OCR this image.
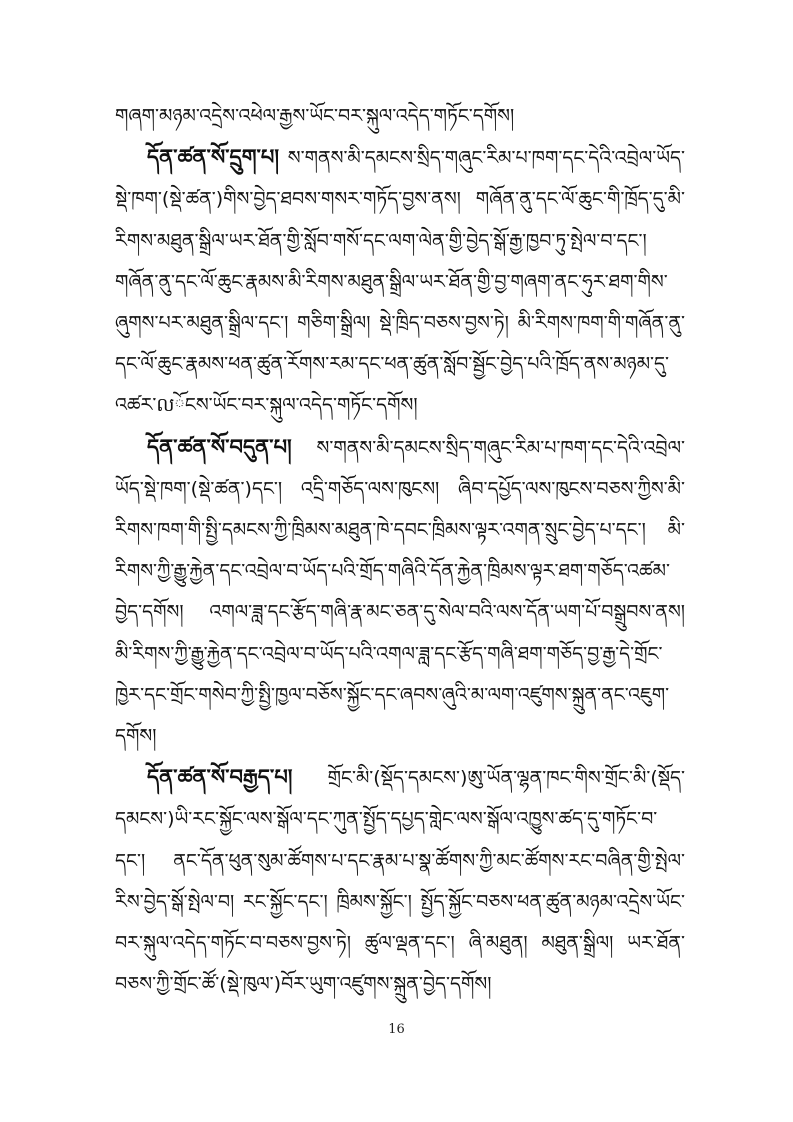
གཞག་མཉམ་འདྲེས་འཕེལ་རྒྱས་ཡོང་བར་སྐུལ་འདེད་གཏོང་དགོས།

དོན་ཚན་སོ་དྲུག་པ། ས་གནས་མི་དམངས་སྲིད་གཞུང་རིམ་པ་ཁག་དང་དེའི་འབྲེལ་ཡོད་སྡེ་ཁག་(སྡེ་ཚན་)གིས་བྱེད་ཐབས་གསར་གཏོད་བྱས་ནས། གཞོན་ནུ་དང་ལོ་ཆུང་གི་ཁྲོད་དུ་མི་རིགས་མཐུན་སྒྲིལ་ཡར་ཐོན་གྱི་སློབ་གསོ་དང་ལག་ལེན་གྱི་བྱེད་སྒོ་རྒྱ་ཁྱབ་ཏུ་སྤེལ་བ་དང་། གཞོན་ནུ་དང་ལོ་ཆུང་རྣམས་མི་རིགས་མཐུན་སྒྲིལ་ཡར་ཐོན་གྱི་བྱ་གཞག་ནང་ཧུར་ཐག་གིས་ཞུགས་པར་མཐུན་སྒྲིལ་དང་། གཅིག་སྒྲིལ། སྡེ་ཁྲིད་བཅས་བྱས་ཏེ། མི་རིགས་ཁག་གི་གཞོན་ནུ་དང་ལོ་ཆུང་རྣམས་ཕན་ཚུན་རོགས་རམ་དང་ཕན་ཚུན་སློབ་སྦྱོང་བྱེད་པའི་ཁྲོད་ནས་མཉམ་དུ་འཚར་លོངས་ཡོང་བར་སྐུལ་འདེད་གཏོང་དགོས།

དོན་ཚན་སོ་བདུན་པ། ས་གནས་མི་དམངས་སྲིད་གཞུང་རིམ་པ་ཁག་དང་དེའི་འབྲེལ་ཡོད་སྡེ་ཁག་(སྡེ་ཚན་)དང་། འདྲི་གཅོད་ལས་ཁུངས། ཞིབ་དཔྱོད་ལས་ཁུངས་བཅས་ཀྱིས་མི་རིགས་ཁག་གི་སྤྱི་དམངས་ཀྱི་ཁྲིམས་མཐུན་ཁེ་དབང་ཁྲིམས་ལྟར་འགན་སྲུང་བྱེད་པ་དང་། མི་རིགས་ཀྱི་རྒྱུ་རྐྱེན་དང་འབྲེལ་བ་ཡོད་པའི་གྲོད་གཞིའི་དོན་རྐྱེན་ཁྲིམས་ལྟར་ཐག་གཅོད་འཚམ་བྱེད་དགོས། འགལ་ཟླ་དང་རྩོད་གཞི་རྣ་མང་ཅན་དུ་སེལ་བའི་ལས་དོན་ཡག་པོ་བསྒྲུབས་ནས། མི་རིགས་ཀྱི་རྒྱུ་རྐྱེན་དང་འབྲེལ་བ་ཡོད་པའི་འགལ་ཟླ་དང་རྩོད་གཞི་ཐག་གཅོད་བྱ་རྒྱ་དེ་གྲོང་ཁྱེར་དང་གྲོང་གསེབ་ཀྱི་སྤྱི་ཁྱལ་བཅོས་སྐྱོང་དང་ཞབས་ཞུའི་མ་ལག་འཛུགས་སྐྲུན་ནང་འཇུག་དགོས།

དོན་ཚན་སོ་བརྒྱད་པ། གྲོང་མི་(སྡོད་དམངས་)ཨུ་ཡོན་ལྷན་ཁང་གིས་གྲོང་མི་(སྡོད་དམངས་)ཡི་རང་སྐྱོང་ལས་སྒོལ་དང་ཀུན་སྤྱོད་དཔྱད་གླེང་ལས་སྒོལ་འཁྱུས་ཚད་དུ་གཏོང་བ་དང་། ནང་དོན་ཕུན་སུམ་ཚོགས་པ་དང་རྣམ་པ་སྣ་ཚོགས་ཀྱི་མང་ཚོགས་རང་བཞིན་གྱི་སྤེལ་རིས་བྱེད་སྒོ་སྤེལ་བ། རང་སྐྱོང་དང་། ཁྲིམས་སྐྱོང་། སྤྱོད་སྐྱོང་བཅས་ཕན་ཚུན་མཉམ་འདྲེས་ཡོང་བར་སྐུལ་འདེད་གཏོང་བ་བཅས་བྱས་ཏེ། ཚུལ་ལྡན་དང་། ཞི་མཐུན། མཐུན་སྒྲིལ། ཡར་ཐོན་བཅས་ཀྱི་གྲོང་ཚོ་(སྡེ་ཁུལ་)བོར་ཡུག་འཛུགས་སྐྲུན་བྱེད་དགོས།

16
